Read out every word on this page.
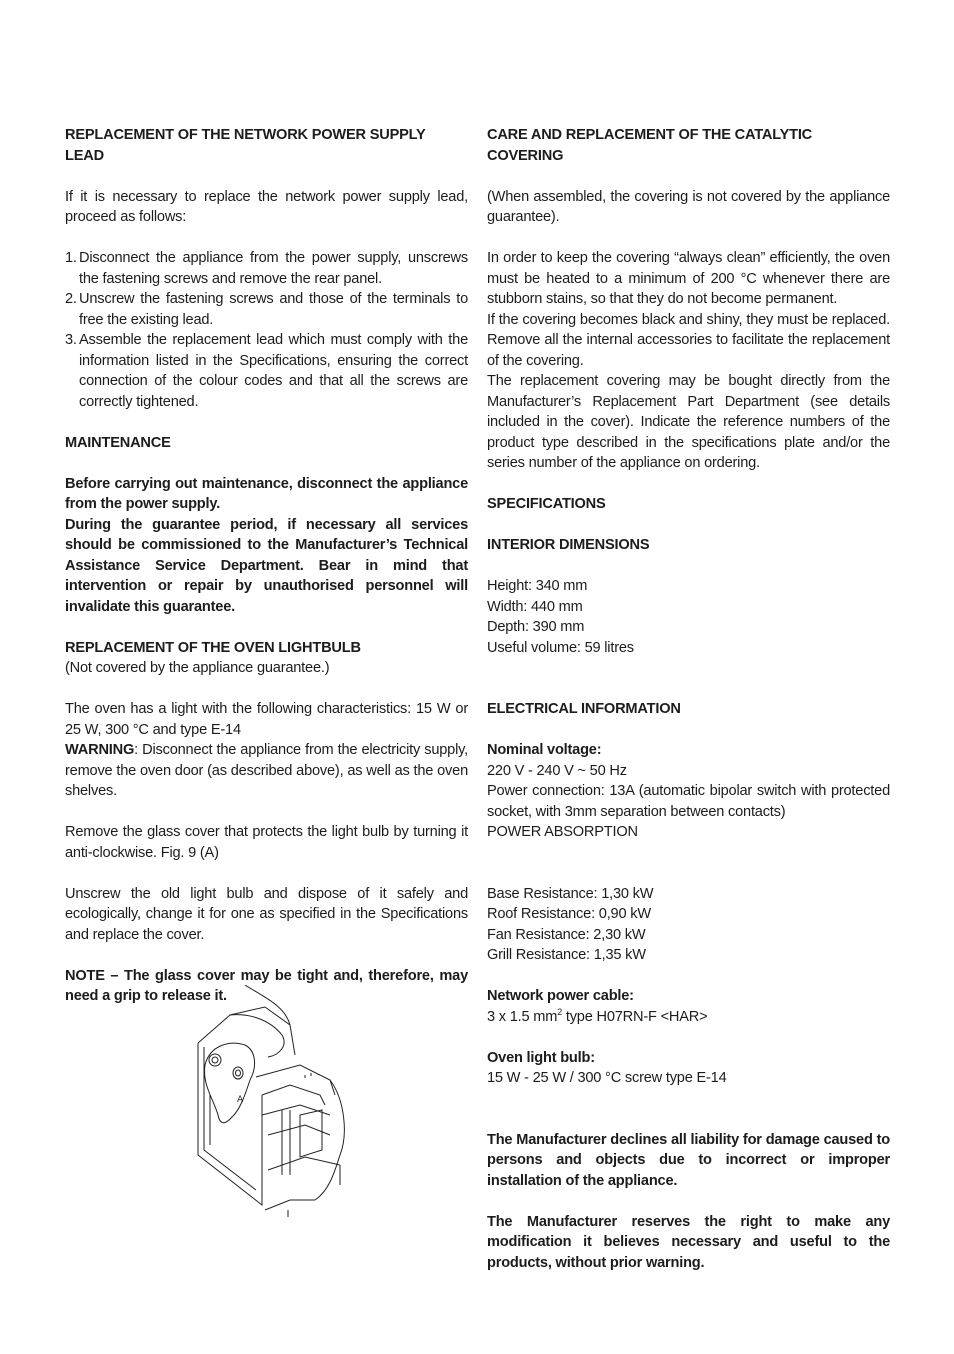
REPLACEMENT OF THE NETWORK POWER SUPPLY LEAD

If it is necessary to replace the network power supply lead, proceed as follows:

1. Disconnect the appliance from the power supply, unscrews the fastening screws and remove the rear panel.
2. Unscrew the fastening screws and those of the terminals to free the existing lead.
3. Assemble the replacement lead which must comply with the information listed in the Specifications, ensuring the correct connection of the colour codes and that all the screws are correctly tightened.

MAINTENANCE

Before carrying out maintenance, disconnect the appliance from the power supply.

During the guarantee period, if necessary all services should be commissioned to the Manufacturer’s Technical Assistance Service Department. Bear in mind that intervention or repair by unauthorised personnel will invalidate this guarantee.

REPLACEMENT OF THE OVEN LIGHTBULB

(Not covered by the appliance guarantee.)

The oven has a light with the following characteristics: 15 W or 25 W, 300 °C and type E-14

WARNING: Disconnect the appliance from the electricity supply, remove the oven door (as described above), as well as the oven shelves.

Remove the glass cover that protects the light bulb by turning it anti-clockwise. Fig. 9 (A)

Unscrew the old light bulb and dispose of it safely and ecologically, change it for one as specified in the Specifications and replace the cover.

NOTE – The glass cover may be tight and, therefore, may need a grip to release it.

A

CARE AND REPLACEMENT OF THE CATALYTIC COVERING

(When assembled, the covering is not covered by the appliance guarantee).

In order to keep the covering “always clean” efficiently, the oven must be heated to a minimum of 200 °C whenever there are stubborn stains, so that they do not become permanent.

If the covering becomes black and shiny, they must be replaced. Remove all the internal accessories to facilitate the replacement of the covering.

The replacement covering may be bought directly from the Manufacturer’s Replacement Part Department (see details included in the cover). Indicate the reference numbers of the product type described in the specifications plate and/or the series number of the appliance on ordering.

SPECIFICATIONS

INTERIOR DIMENSIONS

Height: 340 mm

Width: 440 mm

Depth: 390 mm

Useful volume: 59 litres

ELECTRICAL INFORMATION

Nominal voltage:

220 V - 240 V ~ 50 Hz

Power connection: 13A (automatic bipolar switch with protected socket, with 3mm separation between contacts)

POWER ABSORPTION

Base Resistance: 1,30 kW

Roof Resistance: 0,90 kW

Fan Resistance: 2,30 kW

Grill Resistance: 1,35 kW

Network power cable:

3 x 1.5 $mm^2$ type H07RN-F <HAR>

Oven light bulb:

15 W - 25 W / 300 °C screw type E-14

The Manufacturer declines all liability for damage caused to persons and objects due to incorrect or improper installation of the appliance.

The Manufacturer reserves the right to make any modification it believes necessary and useful to the products, without prior warning.
